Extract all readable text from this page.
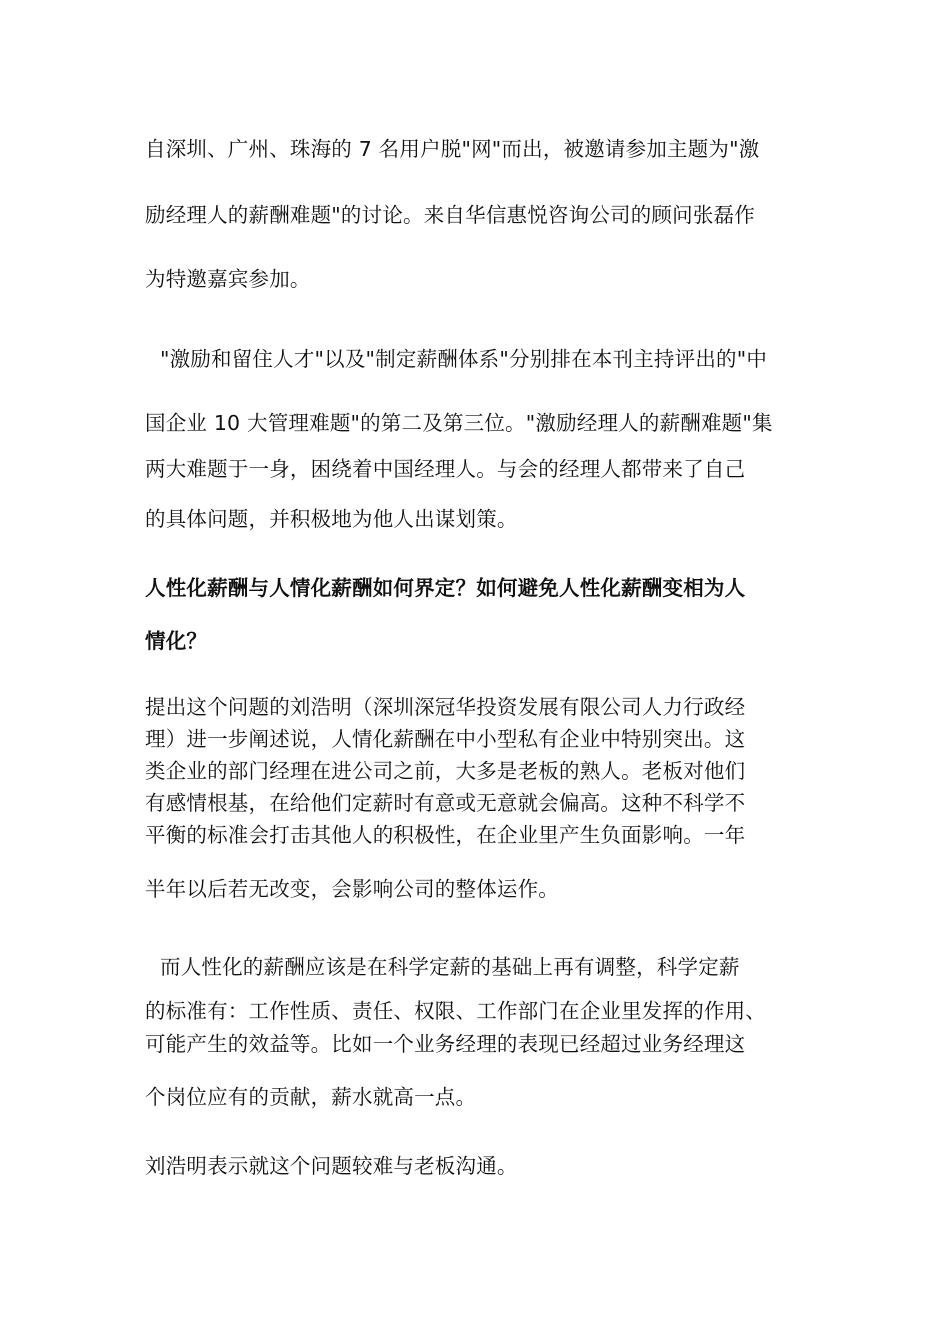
自深圳、广州、珠海的 7 名用户脱"网"而出，被邀请参加主题为"激
励经理人的薪酬难题"的讨论。来自华信惠悦咨询公司的顾问张磊作
为特邀嘉宾参加。
"激励和留住人才"以及"制定薪酬体系"分别排在本刊主持评出的"中
国企业 10 大管理难题"的第二及第三位。"激励经理人的薪酬难题"集
两大难题于一身，困绕着中国经理人。与会的经理人都带来了自己
的具体问题，并积极地为他人出谋划策。
人性化薪酬与人情化薪酬如何界定？如何避免人性化薪酬变相为人
情化？
提出这个问题的刘浩明（深圳深冠华投资发展有限公司人力行政经
理）进一步阐述说，人情化薪酬在中小型私有企业中特别突出。这
类企业的部门经理在进公司之前，大多是老板的熟人。老板对他们
有感情根基，在给他们定薪时有意或无意就会偏高。这种不科学不
平衡的标准会打击其他人的积极性，在企业里产生负面影响。一年
半年以后若无改变，会影响公司的整体运作。
而人性化的薪酬应该是在科学定薪的基础上再有调整，科学定薪
的标准有：工作性质、责任、权限、工作部门在企业里发挥的作用、
可能产生的效益等。比如一个业务经理的表现已经超过业务经理这
个岗位应有的贡献，薪水就高一点。
刘浩明表示就这个问题较难与老板沟通。
